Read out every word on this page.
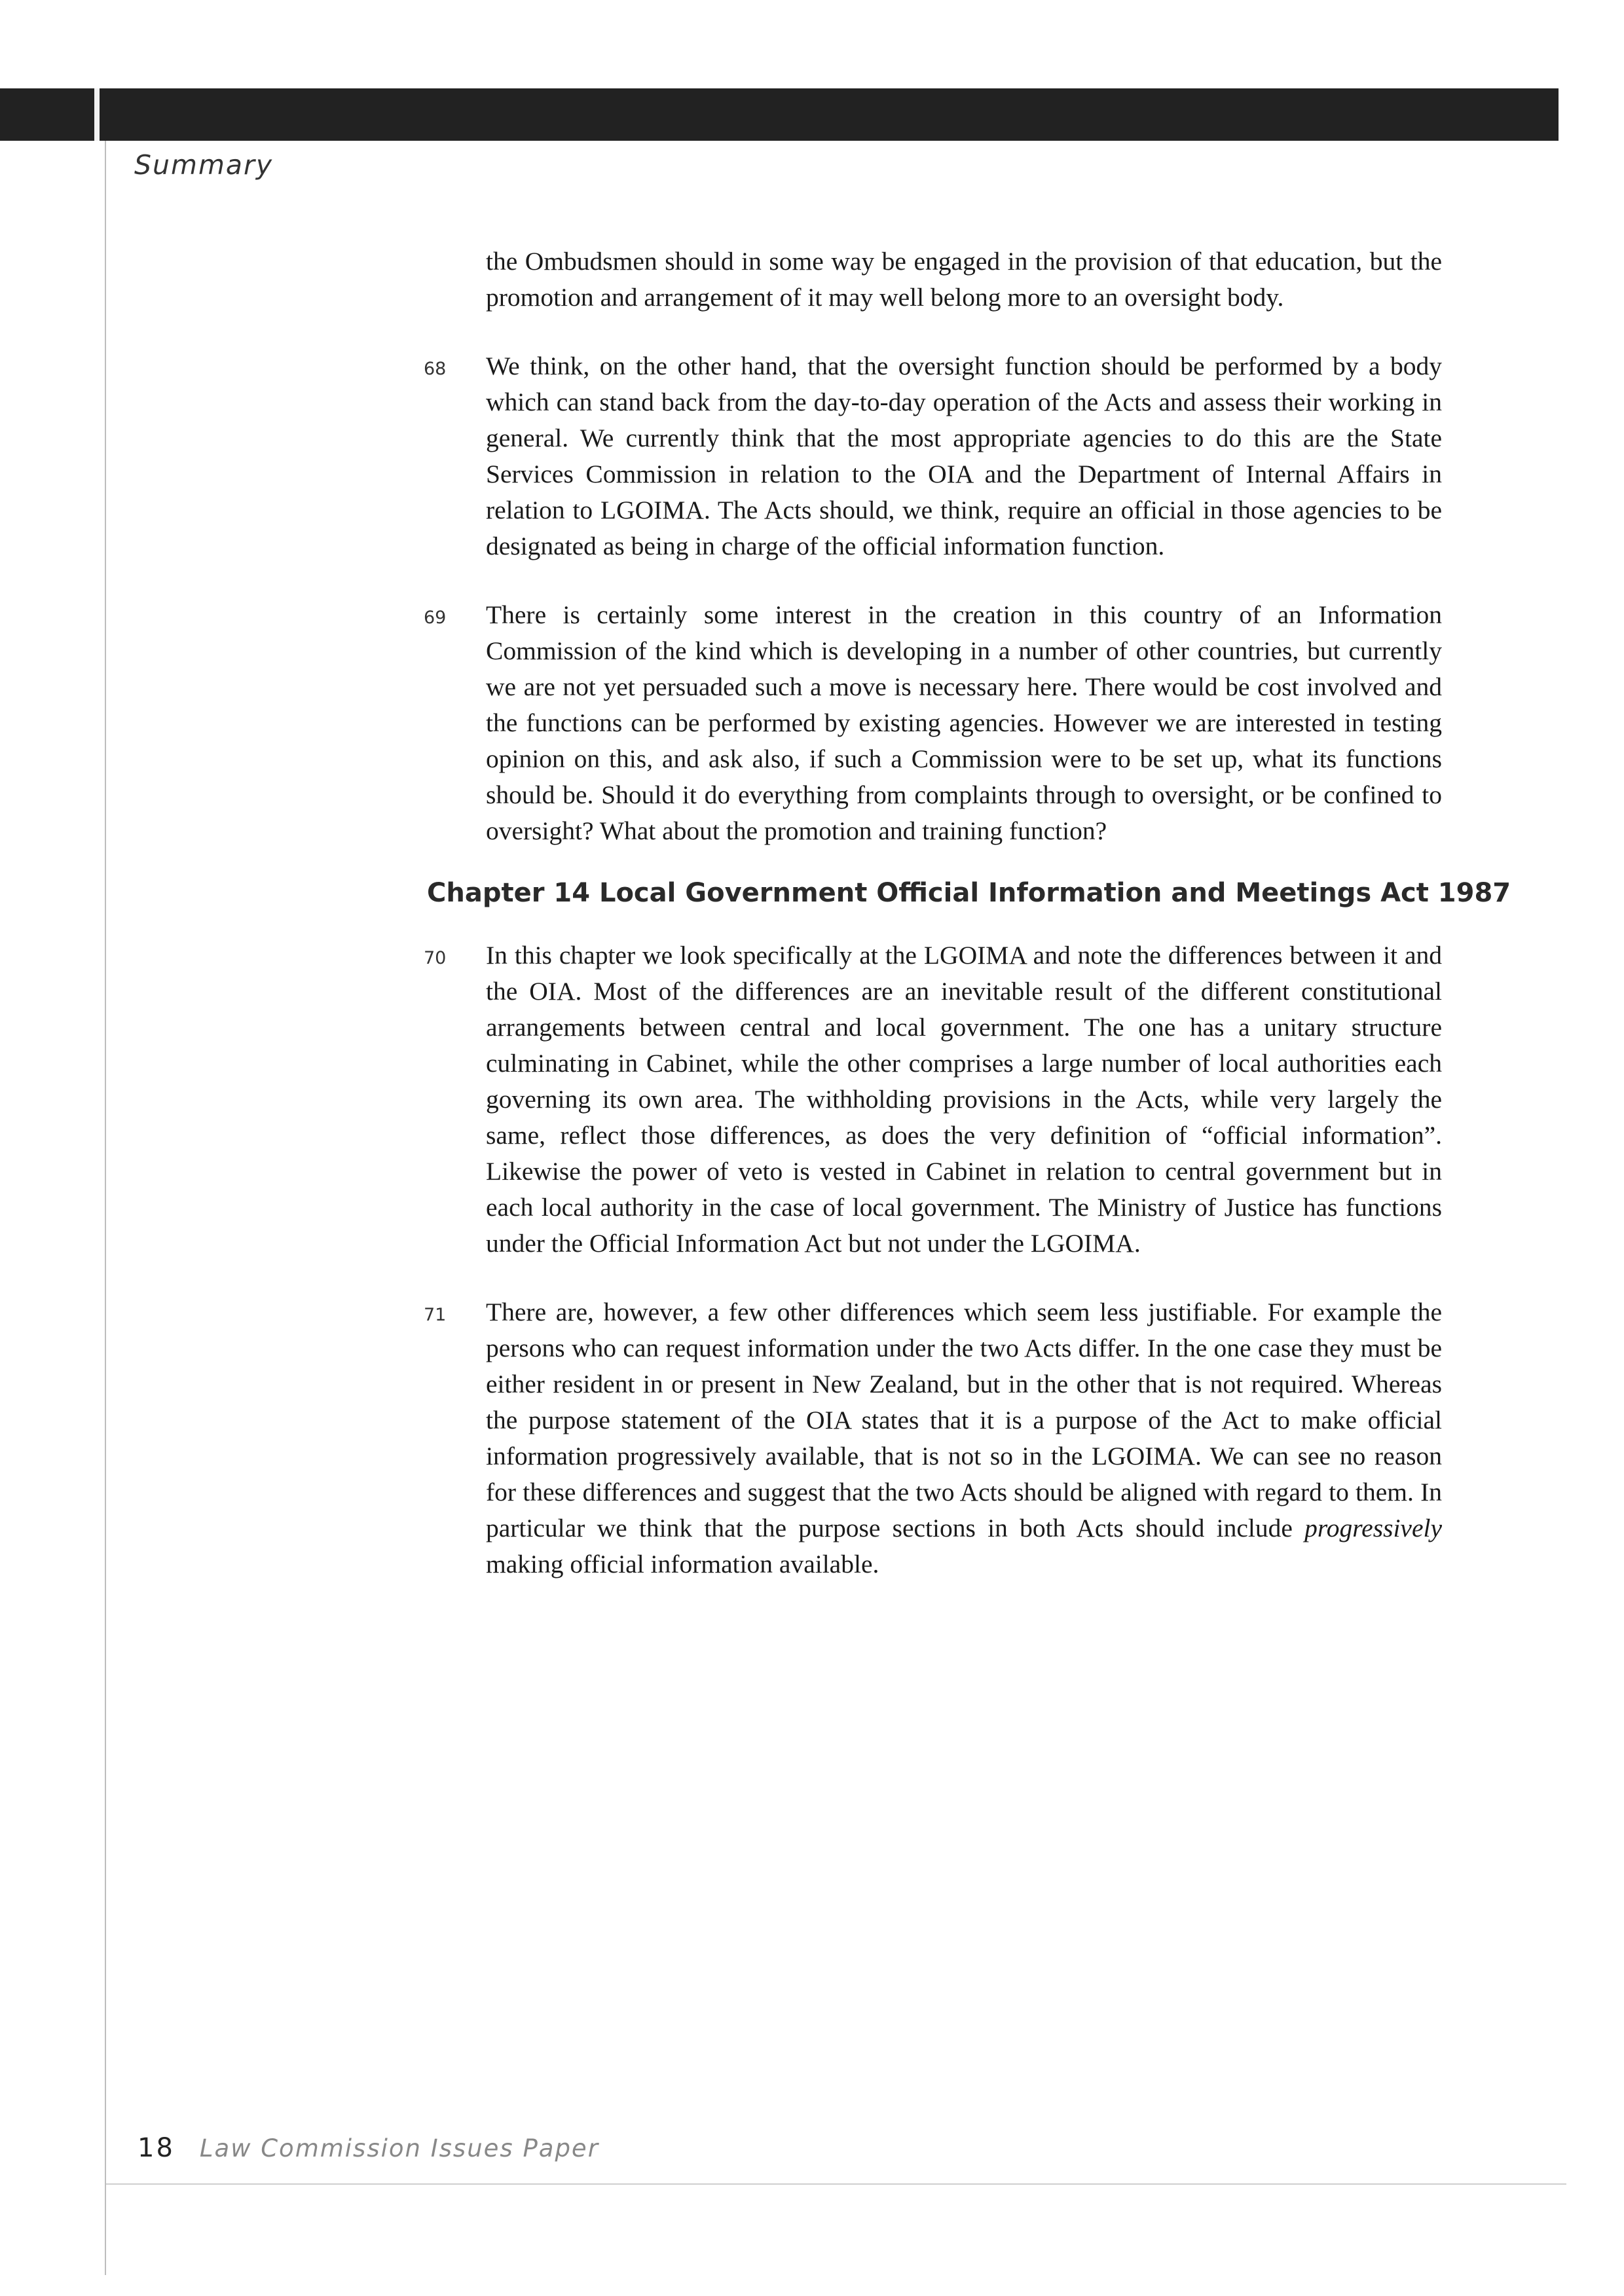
Summary

the Ombudsmen should in some way be engaged in the provision of that education, but the promotion and arrangement of it may well belong more to an oversight body.

68 We think, on the other hand, that the oversight function should be performed by a body which can stand back from the day-to-day operation of the Acts and assess their working in general. We currently think that the most appropriate agencies to do this are the State Services Commission in relation to the OIA and the Department of Internal Affairs in relation to LGOIMA. The Acts should, we think, require an official in those agencies to be designated as being in charge of the official information function.

69 There is certainly some interest in the creation in this country of an Information Commission of the kind which is developing in a number of other countries, but currently we are not yet persuaded such a move is necessary here. There would be cost involved and the functions can be performed by existing agencies. However we are interested in testing opinion on this, and ask also, if such a Commission were to be set up, what its functions should be. Should it do everything from complaints through to oversight, or be confined to oversight? What about the promotion and training function?

Chapter 14 Local Government Official Information and Meetings Act 1987

70 In this chapter we look specifically at the LGOIMA and note the differences between it and the OIA. Most of the differences are an inevitable result of the different constitutional arrangements between central and local government. The one has a unitary structure culminating in Cabinet, while the other comprises a large number of local authorities each governing its own area. The withholding provisions in the Acts, while very largely the same, reflect those differences, as does the very definition of “official information”. Likewise the power of veto is vested in Cabinet in relation to central government but in each local authority in the case of local government. The Ministry of Justice has functions under the Official Information Act but not under the LGOIMA.

71 There are, however, a few other differences which seem less justifiable. For example the persons who can request information under the two Acts differ. In the one case they must be either resident in or present in New Zealand, but in the other that is not required. Whereas the purpose statement of the OIA states that it is a purpose of the Act to make official information progressively available, that is not so in the LGOIMA. We can see no reason for these differences and suggest that the two Acts should be aligned with regard to them. In particular we think that the purpose sections in both Acts should include progressively making official information available.

18 Law Commission Issues Paper
